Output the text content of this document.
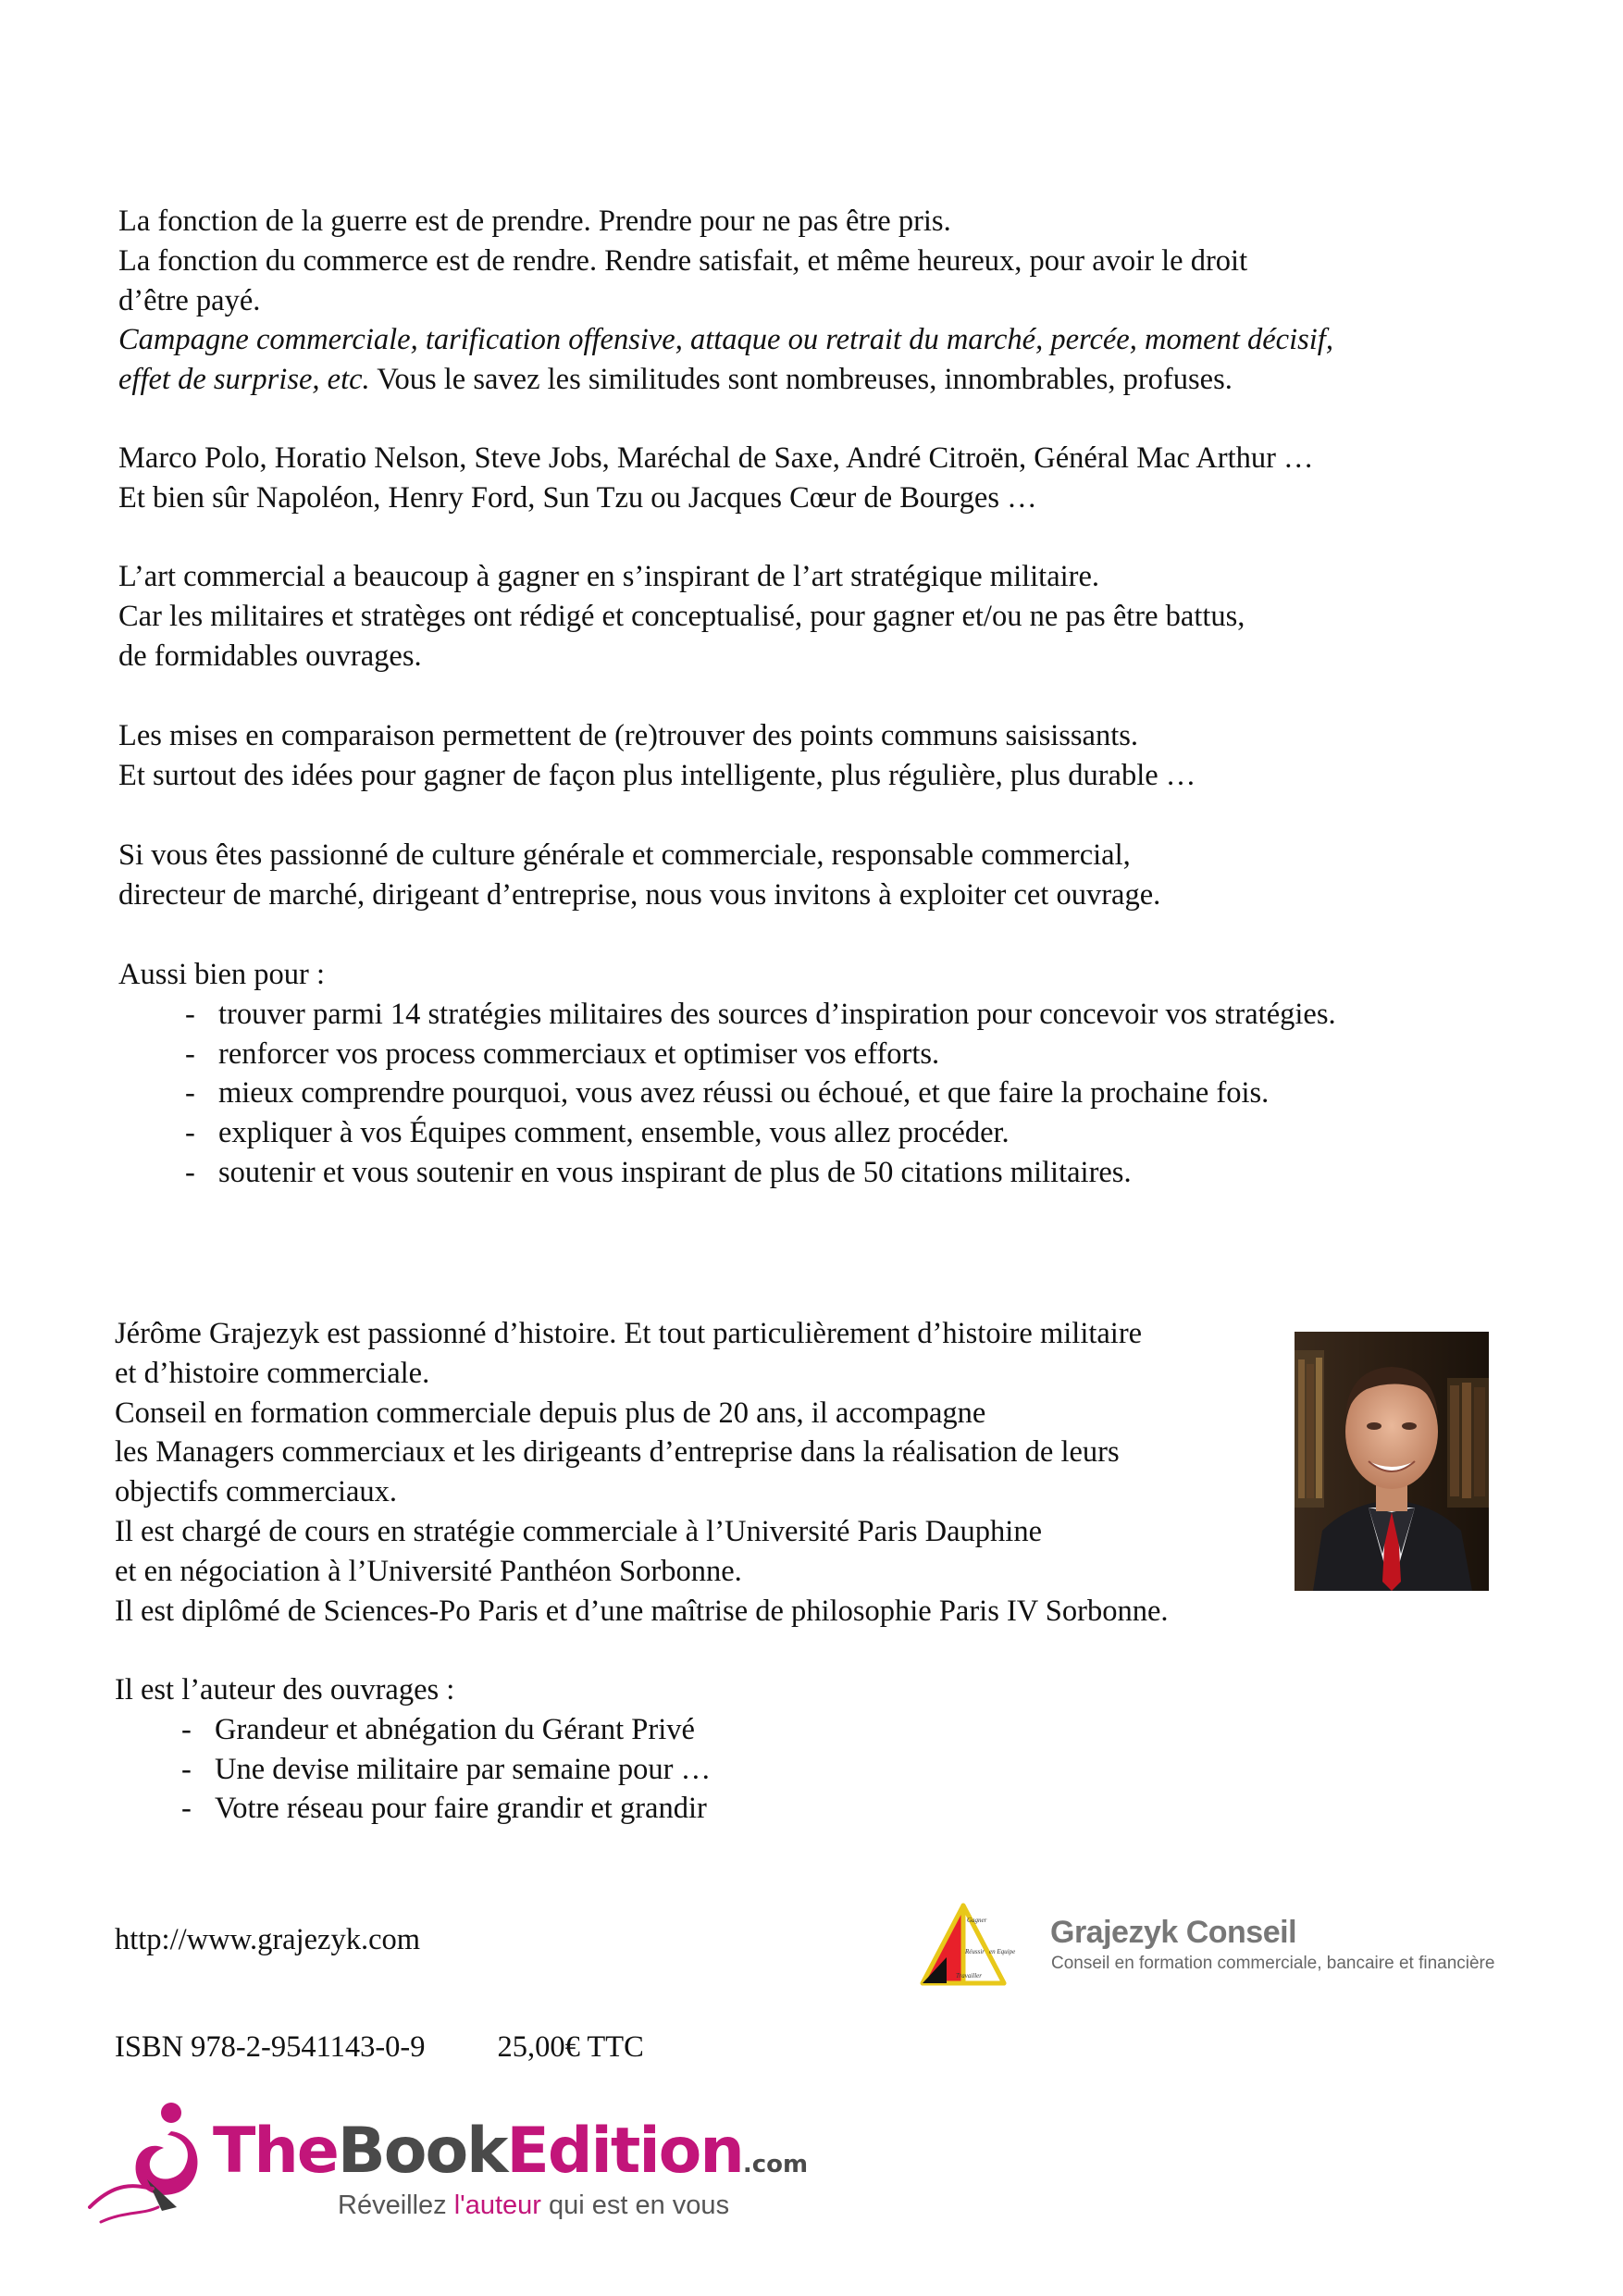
La fonction de la guerre est de prendre. Prendre pour ne pas être pris.

La fonction du commerce est de rendre. Rendre satisfait, et même heureux, pour avoir le droit

d’être payé.

Campagne commerciale, tarification offensive, attaque ou retrait du marché, percée, moment décisif,

effet de surprise, etc. Vous le savez les similitudes sont nombreuses, innombrables, profuses.

Marco Polo, Horatio Nelson, Steve Jobs, Maréchal de Saxe, André Citroën, Général Mac Arthur …

Et bien sûr Napoléon, Henry Ford, Sun Tzu ou Jacques Cœur de Bourges …

L’art commercial a beaucoup à gagner en s’inspirant de l’art stratégique militaire.

Car les militaires et stratèges ont rédigé et conceptualisé, pour gagner et/ou ne pas être battus,

de formidables ouvrages.

Les mises en comparaison permettent de (re)trouver des points communs saisissants.

Et surtout des idées pour gagner de façon plus intelligente, plus régulière, plus durable …

Si vous êtes passionné de culture générale et commerciale, responsable commercial,

directeur de marché, dirigeant d’entreprise, nous vous invitons à exploiter cet ouvrage.

Aussi bien pour :

- trouver parmi 14 stratégies militaires des sources d’inspiration pour concevoir vos stratégies.
- renforcer vos process commerciaux et optimiser vos efforts.
- mieux comprendre pourquoi, vous avez réussi ou échoué, et que faire la prochaine fois.
- expliquer à vos Équipes comment, ensemble, vous allez procéder.
- soutenir et vous soutenir en vous inspirant de plus de 50 citations militaires.

Jérôme Grajezyk est passionné d’histoire. Et tout particulièrement d’histoire militaire

et d’histoire commerciale.

Conseil en formation commerciale depuis plus de 20 ans, il accompagne

les Managers commerciaux et les dirigeants d’entreprise dans la réalisation de leurs

objectifs commerciaux.

Il est chargé de cours en stratégie commerciale à l’Université Paris Dauphine

et en négociation à l’Université Panthéon Sorbonne.

Il est diplômé de Sciences-Po Paris et d’une maîtrise de philosophie Paris IV Sorbonne.

Il est l’auteur des ouvrages :

- Grandeur et abnégation du Gérant Privé
- Une devise militaire par semaine pour …
- Votre réseau pour faire grandir et grandir
http://www.grajezyk.com
ISBN 978-2-9541143-0-9 25,00€ TTC
Gagner
Réussir en Equipe
Travailler
Grajezyk Conseil
Conseil en formation commerciale, bancaire et financière
TheBookEdition.com
Réveillez l'auteur qui est en vous
